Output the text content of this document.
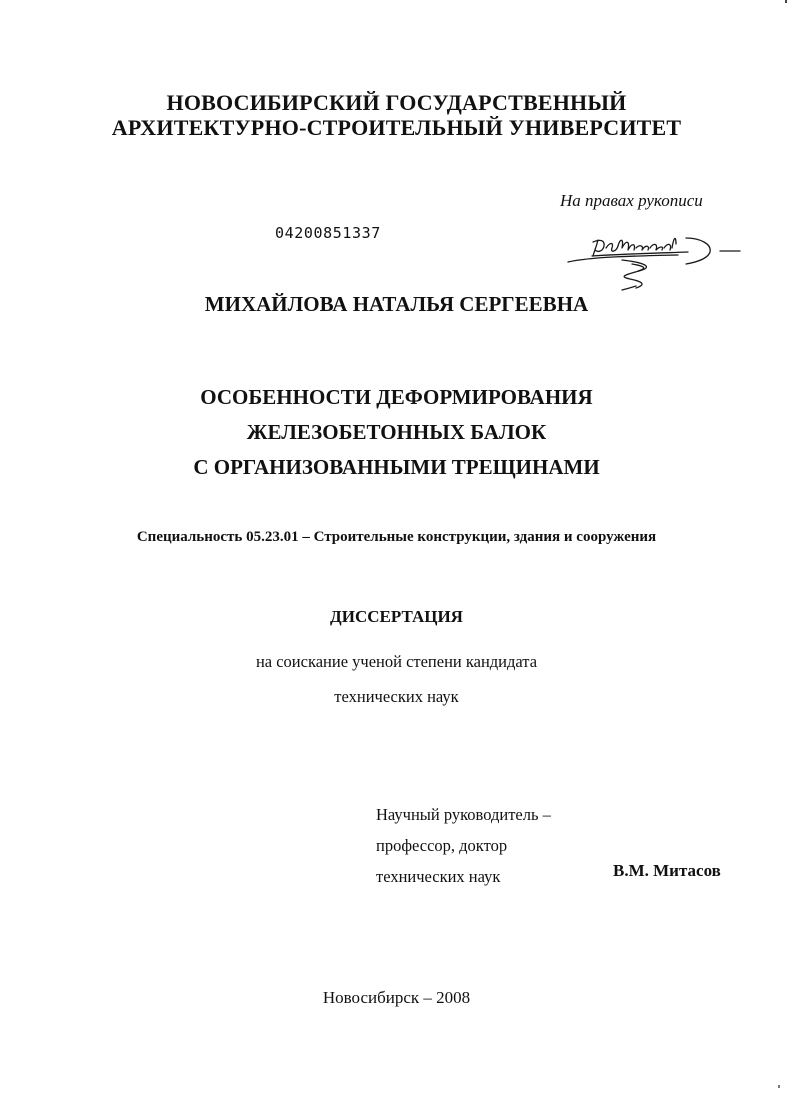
НОВОСИБИРСКИЙ ГОСУДАРСТВЕННЫЙ
АРХИТЕКТУРНО-СТРОИТЕЛЬНЫЙ УНИВЕРСИТЕТ
На правах рукописи
04200851337
МИХАЙЛОВА НАТАЛЬЯ СЕРГЕЕВНА
ОСОБЕННОСТИ ДЕФОРМИРОВАНИЯ
ЖЕЛЕЗОБЕТОННЫХ БАЛОК
С ОРГАНИЗОВАННЫМИ ТРЕЩИНАМИ
Специальность 05.23.01 – Строительные конструкции, здания и сооружения
ДИССЕРТАЦИЯ
на соискание ученой степени кандидата
технических наук
Научный руководитель –
профессор, доктор
технических наук	В.М. Митасов
Новосибирск – 2008
